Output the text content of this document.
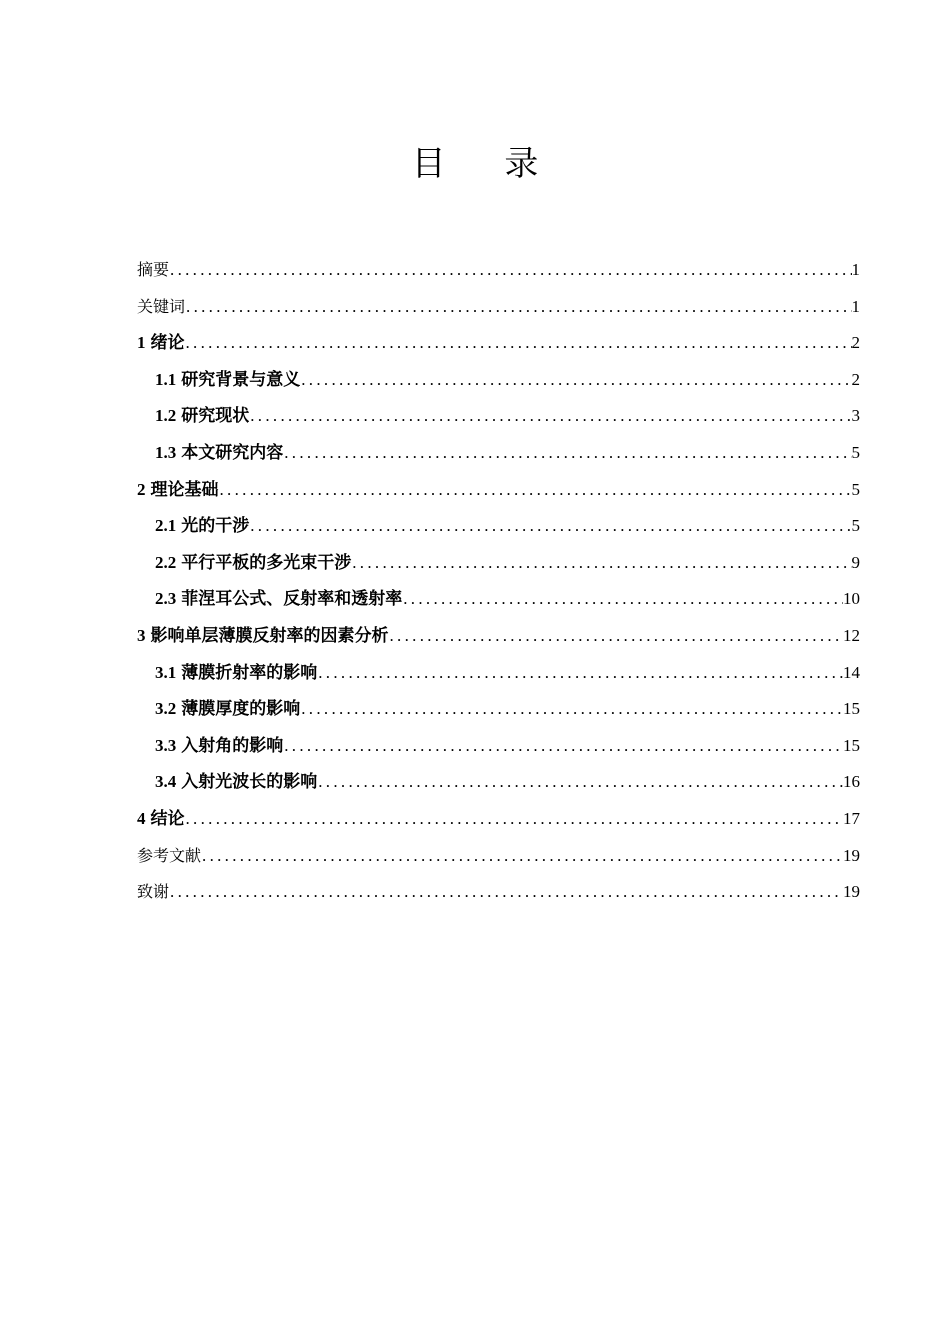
目 录
摘要 .....	1
关键词 .....	1
1 绪论 .....	2
1.1 研究背景与意义 .....	2
1.2 研究现状 .....	3
1.3 本文研究内容 .....	5
2 理论基础 .....	5
2.1 光的干涉 .....	5
2.2 平行平板的多光束干涉 .....	9
2.3 菲涅耳公式、反射率和透射率 .....	10
3 影响单层薄膜反射率的因素分析 .....	12
3.1 薄膜折射率的影响 .....	14
3.2 薄膜厚度的影响 .....	15
3.3 入射角的影响 .....	15
3.4 入射光波长的影响 .....	16
4 结论 .....	17
参考文献 .....	19
致谢 .....	19
